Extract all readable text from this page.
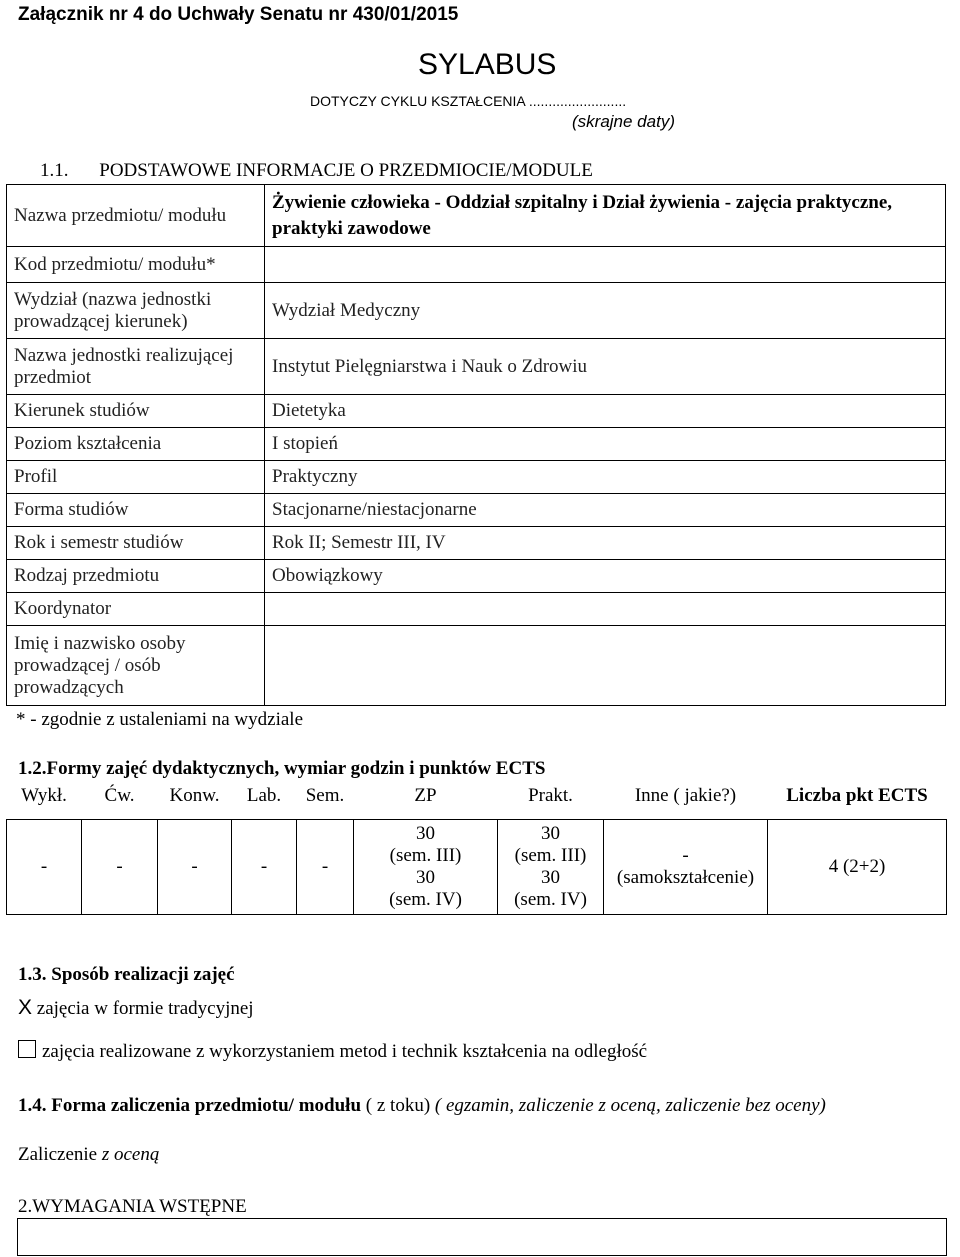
Załącznik nr 4 do Uchwały Senatu nr 430/01/2015
SYLABUS
DOTYCZY CYKLU KSZTAŁCENIA .........................
(skrajne daty)
1.1. PODSTAWOWE INFORMACJE O PRZEDMIOCIE/MODULE
Nazwa przedmiotu/ modułu	Żywienie człowieka - Oddział szpitalny i Dział żywienia - zajęcia praktyczne, praktyki zawodowe
Kod przedmiotu/ modułu*	
Wydział (nazwa jednostki prowadzącej kierunek)	Wydział Medyczny
Nazwa jednostki realizującej przedmiot	Instytut Pielęgniarstwa i Nauk o Zdrowiu
Kierunek studiów	Dietetyka
Poziom kształcenia	I stopień
Profil	Praktyczny
Forma studiów	Stacjonarne/niestacjonarne
Rok i semestr studiów	Rok II; Semestr III, IV
Rodzaj przedmiotu	Obowiązkowy
Koordynator	
Imię i nazwisko osoby prowadzącej / osób prowadzących	
* - zgodnie z ustaleniami na wydziale
1.2.Formy zajęć dydaktycznych, wymiar godzin i punktów ECTS
Wykł.	Ćw.	Konw.	Lab.	Sem.	ZP	Prakt.	Inne ( jakie?)	Liczba pkt ECTS

-	-	-	-	-	30
(sem. III)
30
(sem. IV)	30
(sem. III)
30
(sem. IV)	-
(samokształcenie)	4 (2+2)
1.3. Sposób realizacji zajęć
X zajęcia w formie tradycyjnej
zajęcia realizowane z wykorzystaniem metod i technik kształcenia na odległość
1.4. Forma zaliczenia przedmiotu/ modułu ( z toku) ( egzamin, zaliczenie z oceną, zaliczenie bez oceny)
Zaliczenie z oceną
2.WYMAGANIA WSTĘPNE
